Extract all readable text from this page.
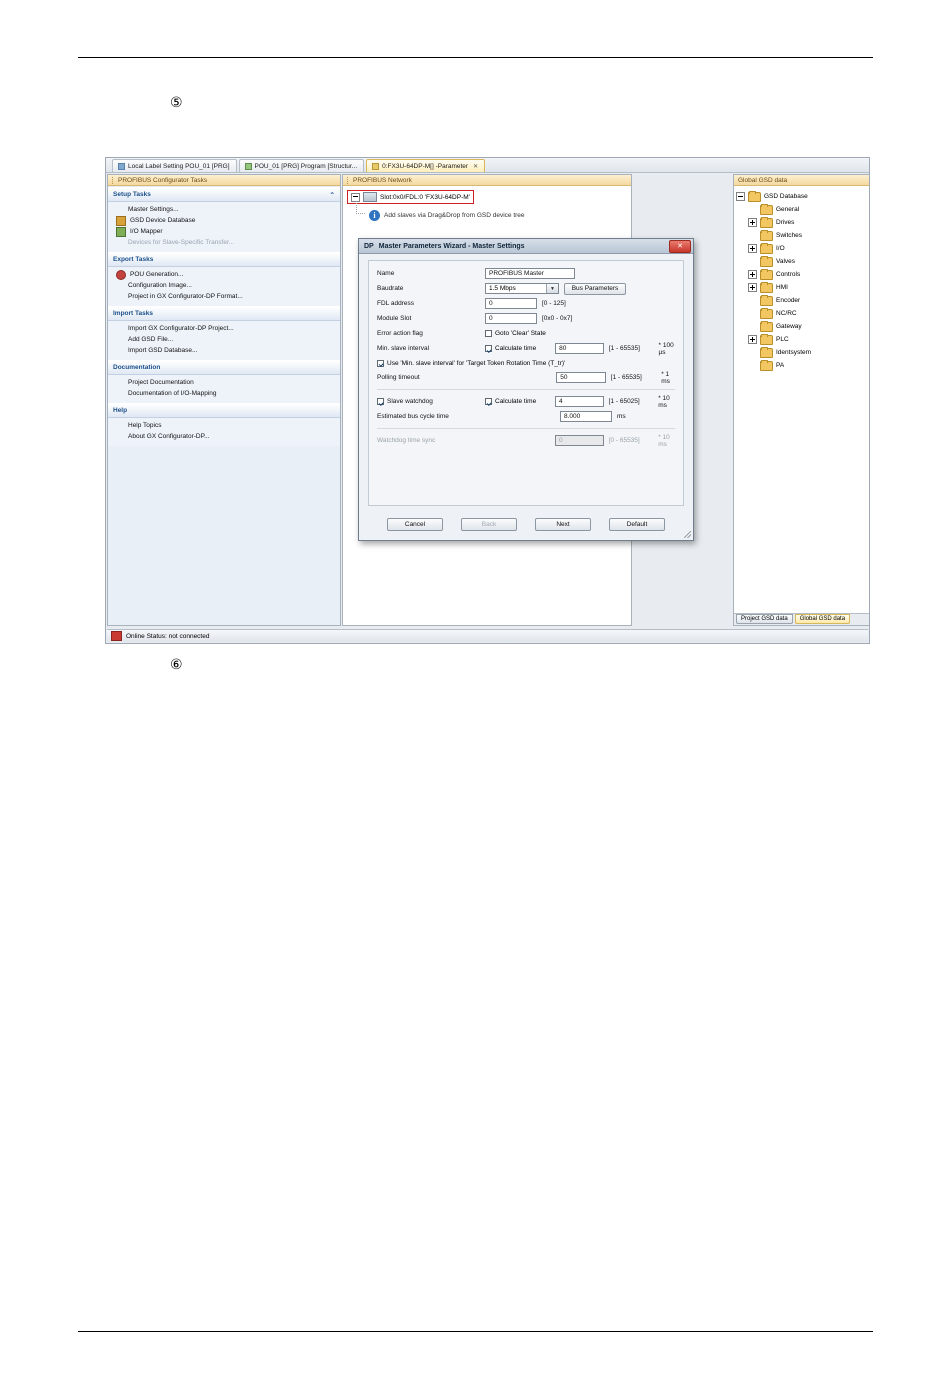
⑤
⑥
Local Label Setting POU_01 [PRG]	POU_01 [PRG] Program [Structur...	0:FX3U-64DP-M[] -Parameter ✕
PROFIBUS Configurator Tasks
Setup Tasks	⌃
Master Settings...
GSD Device Database
I/O Mapper
Devices for Slave-Specific Transfer...
Export Tasks
POU Generation...
Configuration Image...
Project in GX Configurator-DP Format...
Import Tasks
Import GX Configurator-DP Project...
Add GSD File...
Import GSD Database...
Documentation
Project Documentation
Documentation of I/O-Mapping
Help
Help Topics
About GX Configurator-DP...
PROFIBUS Network
Slot:0x0/FDL:0 'FX3U-64DP-M'
i	Add slaves via Drag&Drop from GSD device tree
Global GSD data
GSD Database
General
Drives
Switches
I/O
Valves
Controls
HMI
Encoder
NC/RC
Gateway
PLC
Identsystem
PA
Project GSD data	Global GSD data
Online Status: not connected
DP Master Parameters Wizard - Master Settings	✕
Name	PROFIBUS Master
Baudrate	1.5 Mbps	▼	Bus Parameters
FDL address	0	[0 - 125]
Module Slot	0	[0x0 - 0x7]
Error action flag	Goto 'Clear' State
Min. slave interval	Calculate time	80	[1 - 65535]	* 100 µs
Use 'Min. slave interval' for 'Target Token Rotation Time (T_tr)'
Polling timeout	50	[1 - 65535]	* 1 ms
Slave watchdog	Calculate time	4	[1 - 65025]	* 10 ms
Estimated bus cycle time	8.000	ms
Watchdog time sync	0	[0 - 65535]	* 10 ms
Cancel	Back	Next	Default
